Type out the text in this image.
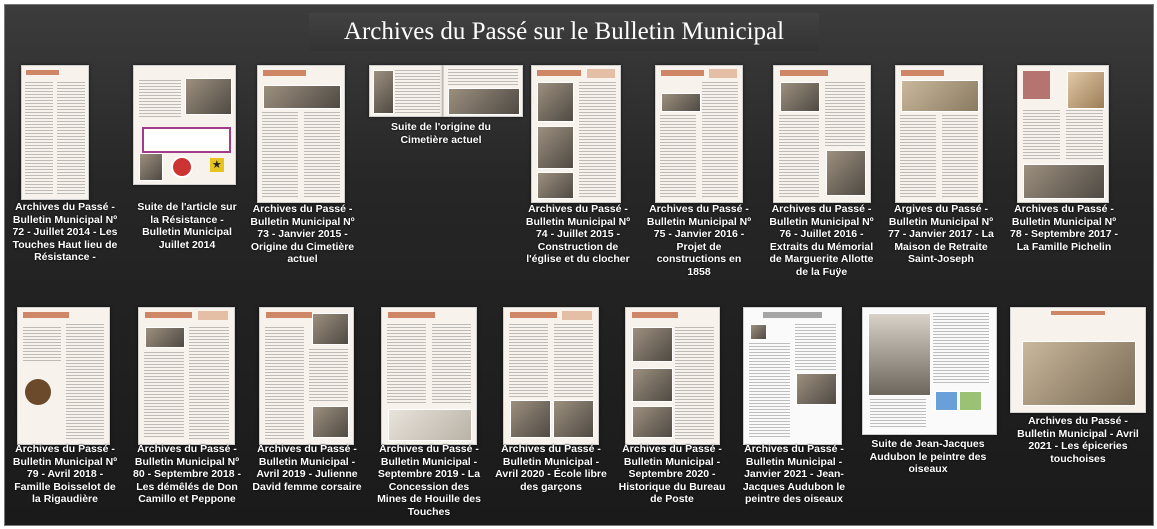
Archives du Passé sur le Bulletin Municipal
Archives du Passé - Bulletin Municipal Nº 72 - Juillet 2014 - Les Touches Haut lieu de Résistance -
★
Suite de l'article sur la Résistance - Bulletin Municipal Juillet 2014
Archives du Passé - Bulletin Municipal Nº 73 - Janvier 2015 - Origine du Cimetière actuel
Suite de l'origine du Cimetière actuel
Archives du Passé - Bulletin Municipal Nº 74 - Juillet 2015 - Construction de l'église et du clocher
Archives du Passé - Bulletin Municipal Nº 75 - Janvier 2016 - Projet de constructions en 1858
Archives du Passé - Bulletin Municipal Nº 76 - Juillet 2016 - Extraits du Mémorial de Marguerite Allotte de la Fuÿe
Argives du Passé - Bulletin Municipal Nº 77 - Janvier 2017 - La Maison de Retraite Saint-Joseph
Archives du Passé - Bulletin Municipal Nº 78 - Septembre 2017 - La Famille Pichelin
Archives du Passé - Bulletin Municipal Nº 79 - Avril 2018 - Famille Boisselot de la Rigaudière
Archives du Passé - Bulletin Municipal Nº 80 - Septembre 2018 - Les démêlés de Don Camillo et Peppone
Archives du Passé - Bulletin Municipal - Avril 2019 - Julienne David femme corsaire
Archives du Passé - Bulletin Municipal - Septembre 2019 - La Concession des Mines de Houille des Touches
Archives du Passé - Bulletin Municipal - Avril 2020 - École libre des garçons
Archives du Passé - Bulletin Municipal - Septembre 2020 - Historique du Bureau de Poste
Archives du Passé - Bulletin Municipal - Janvier 2021 - Jean-Jacques Audubon le peintre des oiseaux
Suite de Jean-Jacques Audubon le peintre des oiseaux
Archives du Passé - Bulletin Municipal - Avril 2021 - Les épiceries touchoises
